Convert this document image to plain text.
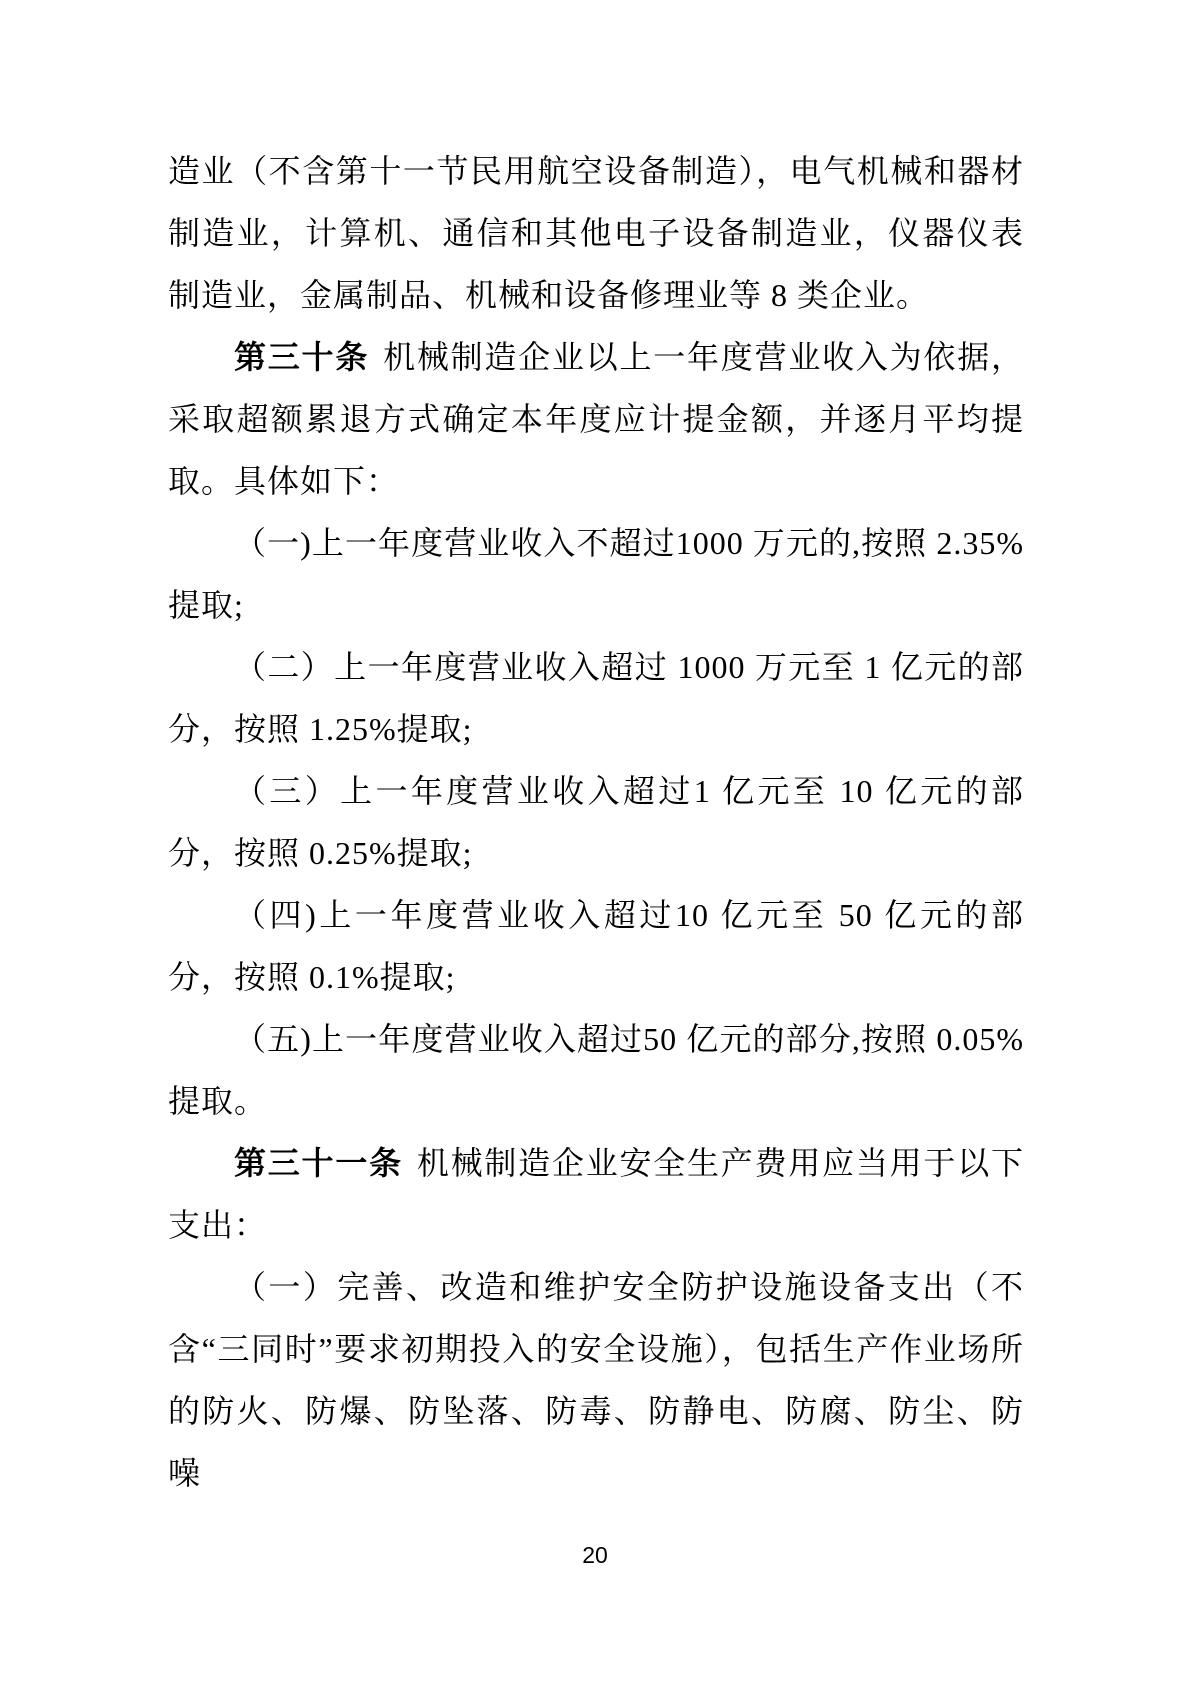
造业（不含第十一节民用航空设备制造），电气机械和器材制造业，计算机、通信和其他电子设备制造业，仪器仪表制造业，金属制品、机械和设备修理业等 8 类企业。

第三十条 机械制造企业以上一年度营业收入为依据，采取超额累退方式确定本年度应计提金额，并逐月平均提取。具体如下：

（一)上一年度营业收入不超过1000 万元的,按照 2.35%提取;

（二）上一年度营业收入超过 1000 万元至 1 亿元的部分，按照 1.25%提取;

（三）上一年度营业收入超过1 亿元至 10 亿元的部分，按照 0.25%提取;

（四)上一年度营业收入超过10 亿元至 50 亿元的部分，按照 0.1%提取;

（五)上一年度营业收入超过50 亿元的部分,按照 0.05%提取。

第三十一条 机械制造企业安全生产费用应当用于以下支出：

（一）完善、改造和维护安全防护设施设备支出（不含“三同时”要求初期投入的安全设施），包括生产作业场所的防火、防爆、防坠落、防毒、防静电、防腐、防尘、防噪

20
